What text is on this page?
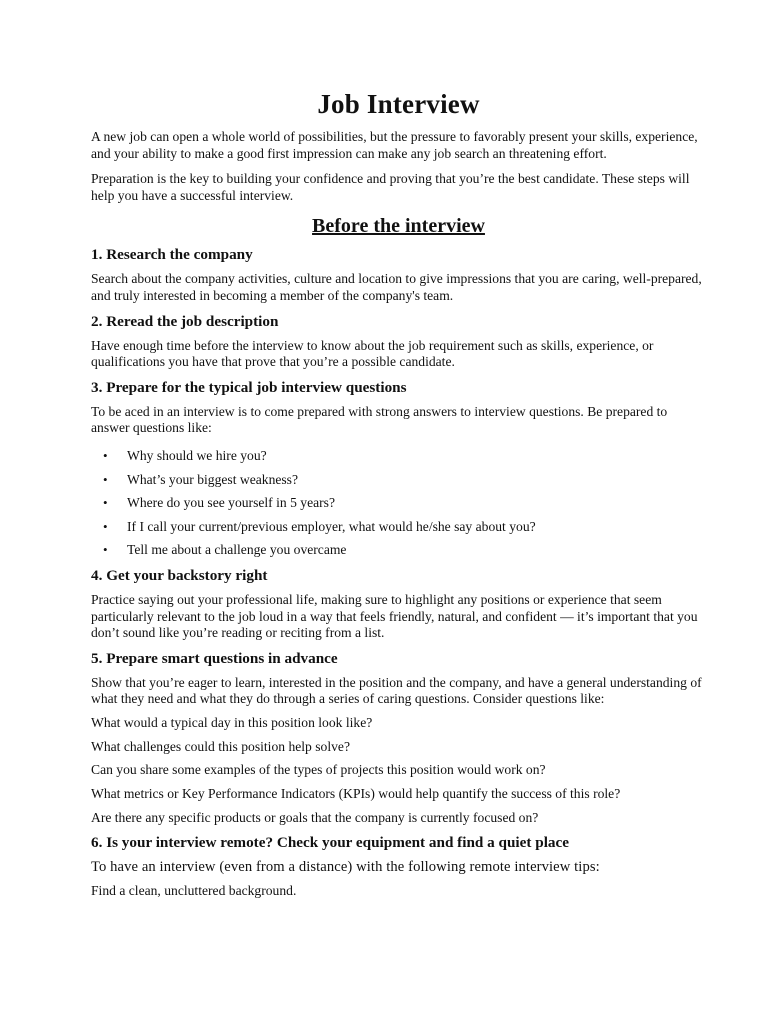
Job Interview

A new job can open a whole world of possibilities, but the pressure to favorably present your skills, experience, and your ability to make a good first impression can make any job search an threatening effort.

Preparation is the key to building your confidence and proving that you’re the best candidate. These steps will help you have a successful interview.

Before the interview
1. Research the company

Search about the company activities, culture and location to give impressions that you are caring, well-prepared, and truly interested in becoming a member of the company's team.

2. Reread the job description

Have enough time before the interview to know about the job requirement such as skills, experience, or qualifications you have that prove that you’re a possible candidate.

3. Prepare for the typical job interview questions

To be aced in an interview is to come prepared with strong answers to interview questions. Be prepared to answer questions like:

• Why should we hire you?
• What’s your biggest weakness?
• Where do you see yourself in 5 years?
• If I call your current/previous employer, what would he/she say about you?
• Tell me about a challenge you overcame
4. Get your backstory right

Practice saying out your professional life, making sure to highlight any positions or experience that seem particularly relevant to the job loud in a way that feels friendly, natural, and confident — it’s important that you don’t sound like you’re reading or reciting from a list.

5. Prepare smart questions in advance

Show that you’re eager to learn, interested in the position and the company, and have a general understanding of what they need and what they do through a series of caring questions. Consider questions like:

What would a typical day in this position look like?

What challenges could this position help solve?

Can you share some examples of the types of projects this position would work on?

What metrics or Key Performance Indicators (KPIs) would help quantify the success of this role?

Are there any specific products or goals that the company is currently focused on?

6. Is your interview remote? Check your equipment and find a quiet place

To have an interview (even from a distance) with the following remote interview tips:

Find a clean, uncluttered background.
